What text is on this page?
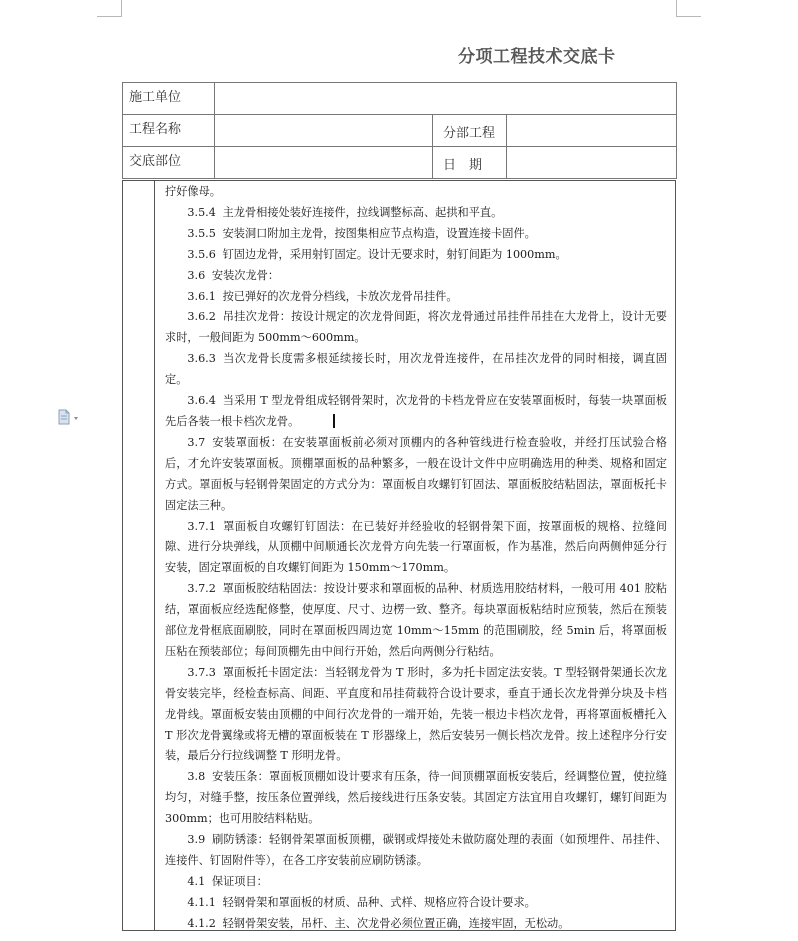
分项工程技术交底卡
施工单位			

工程名称		分部工程	

交底部位		日　期	

拧好像母。

3.5.4 主龙骨相接处装好连接件，拉线调整标高、起拱和平直。

3.5.5 安装洞口附加主龙骨，按图集相应节点构造，设置连接卡固件。

3.5.6 钉固边龙骨，采用射钉固定。设计无要求时，射钉间距为 1000mm。

3.6 安装次龙骨：

3.6.1 按已弹好的次龙骨分档线，卡放次龙骨吊挂件。

3.6.2 吊挂次龙骨：按设计规定的次龙骨间距，将次龙骨通过吊挂件吊挂在大龙骨上，设计无要求时，一般间距为 500mm～600mm。

3.6.3 当次龙骨长度需多根延续接长时，用次龙骨连接件，在吊挂次龙骨的同时相接，调直固定。

3.6.4 当采用 T 型龙骨组成轻钢骨架时，次龙骨的卡档龙骨应在安装罩面板时，每装一块罩面板先后各装一根卡档次龙骨。

3.7 安装罩面板：在安装罩面板前必须对顶棚内的各种管线进行检查验收，并经打压试验合格后，才允许安装罩面板。顶棚罩面板的品种繁多，一般在设计文件中应明确选用的种类、规格和固定方式。罩面板与轻钢骨架固定的方式分为：罩面板自攻螺钉钉固法、罩面板胶结粘固法，罩面板托卡固定法三种。

3.7.1 罩面板自攻螺钉钉固法：在已装好并经验收的轻钢骨架下面，按罩面板的规格、拉缝间隙、进行分块弹线，从顶棚中间顺通长次龙骨方向先装一行罩面板，作为基准，然后向两侧伸延分行安装，固定罩面板的自攻螺钉间距为 150mm～170mm。

3.7.2 罩面板胶结粘固法：按设计要求和罩面板的品种、材质选用胶结材料，一般可用 401 胶粘结，罩面板应经选配修整，使厚度、尺寸、边楞一致、整齐。每块罩面板粘结时应预装，然后在预装部位龙骨框底面刷胶，同时在罩面板四周边宽 10mm～15mm 的范围刷胶，经 5min 后，将罩面板压粘在预装部位；每间顶棚先由中间行开始，然后向两侧分行粘结。

3.7.3 罩面板托卡固定法：当轻钢龙骨为 T 形时，多为托卡固定法安装。T 型轻钢骨架通长次龙骨安装完毕，经检查标高、间距、平直度和吊挂荷载符合设计要求，垂直于通长次龙骨弹分块及卡档龙骨线。罩面板安装由顶棚的中间行次龙骨的一端开始，先装一根边卡档次龙骨，再将罩面板槽托入 T 形次龙骨翼缘或将无槽的罩面板装在 T 形器缘上，然后安装另一侧长档次龙骨。按上述程序分行安装，最后分行拉线调整 T 形明龙骨。

3.8 安装压条：罩面板顶棚如设计要求有压条，待一间顶棚罩面板安装后，经调整位置，使拉缝均匀，对缝手整，按压条位置弹线，然后接线进行压条安装。其固定方法宜用自攻螺钉，螺钉间距为 300mm；也可用胶结料粘贴。

3.9 刷防锈漆：轻钢骨架罩面板顶棚，碳钢或焊接处未做防腐处理的表面（如预埋件、吊挂件、连接件、钉固附件等），在各工序安装前应刷防锈漆。

4.1 保证项目：

4.1.1 轻钢骨架和罩面板的材质、品种、式样、规格应符合设计要求。

4.1.2 轻钢骨架安装，吊杆、主、次龙骨必须位置正确，连接牢固，无松动。
